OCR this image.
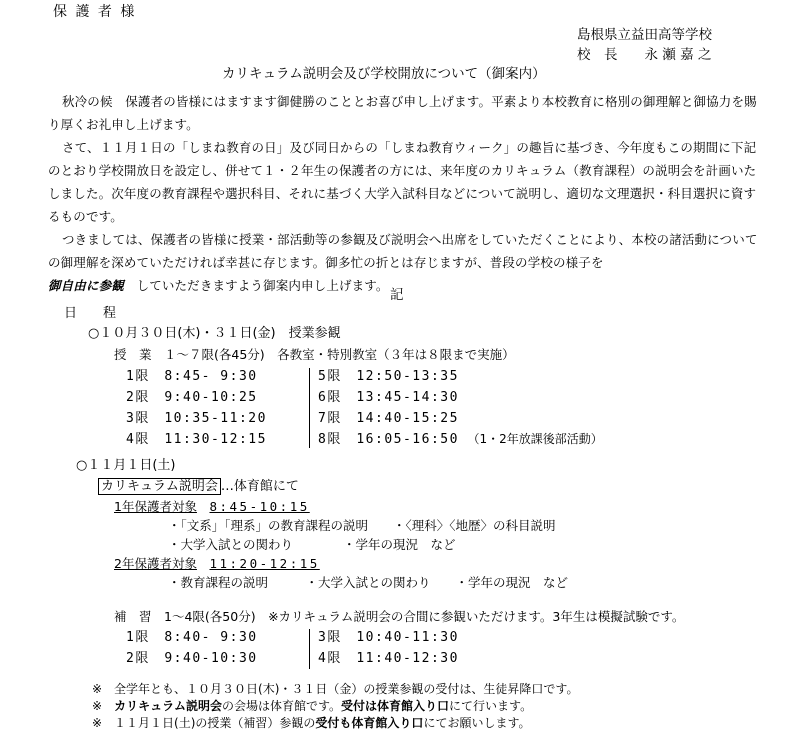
保 護 者 様
島根県立益田高等学校
校　長　　永 瀬 嘉 之
カリキュラム説明会及び学校開放について（御案内）
秋冷の候　保護者の皆様にはますます御健勝のこととお喜び申し上げます。平素より本校教育に格別の御理解と御協力を賜り厚くお礼申し上げます。
さて、１１月１日の「しまね教育の日」及び同日からの「しまね教育ウィーク」の趣旨に基づき、今年度もこの期間に下記のとおり学校開放日を設定し、併せて１・２年生の保護者の方には、来年度のカリキュラム（教育課程）の説明会を計画いたしました。次年度の教育課程や選択科目、それに基づく大学入試科目などについて説明し、適切な文理選択・科目選択に資するものです。
つきましては、保護者の皆様に授業・部活動等の参観及び説明会へ出席をしていただくことにより、本校の諸活動についての御理解を深めていただければ幸甚に存じます。御多忙の折とは存じますが、普段の学校の様子を
御自由に参観　 していただきますよう御案内申し上げます。
記
日　　程
○１０月３０日(木)・３１日(金)　授業参観
授　業　１～７限(各45分)　各教室・特別教室（３年は８限まで実施）
1限　 8:45- 9:30
2限　 9:40-10:25
3限　 10:35-11:20
4限　 11:30-12:15
5限　 12:50-13:35
6限　 13:45-14:30
7限　 14:40-15:25
8限　 16:05-16:50　 （1・2年放課後部活動）
○１１月１日(土)
カリキュラム説明会 …体育館にて
1年保護者対象　 8:45-10:15
・「文系」「理系」の教育課程の説明　　・〈理科〉〈地歴〉の科目説明
・大学入試との関わり　　　　・学年の現況　など
2年保護者対象　 11:20-12:15
・教育課程の説明　　　・大学入試との関わり　　・学年の現況　など
補　習　1～4限(各50分)　※カリキュラム説明会の合間に参観いただけます。3年生は模擬試験です。
1限　 8:40- 9:30
2限　 9:40-10:30
3限　 10:40-11:30
4限　 11:40-12:30
※　全学年とも、１０月３０日(木)・３１日（金）の授業参観の受付は、生徒昇降口です。
※　 カリキュラム説明会の会場は体育館です。受付は体育館入り口にて行います。
※　１１月１日(土)の授業（補習）参観の受付も体育館入り口にてお願いします。
